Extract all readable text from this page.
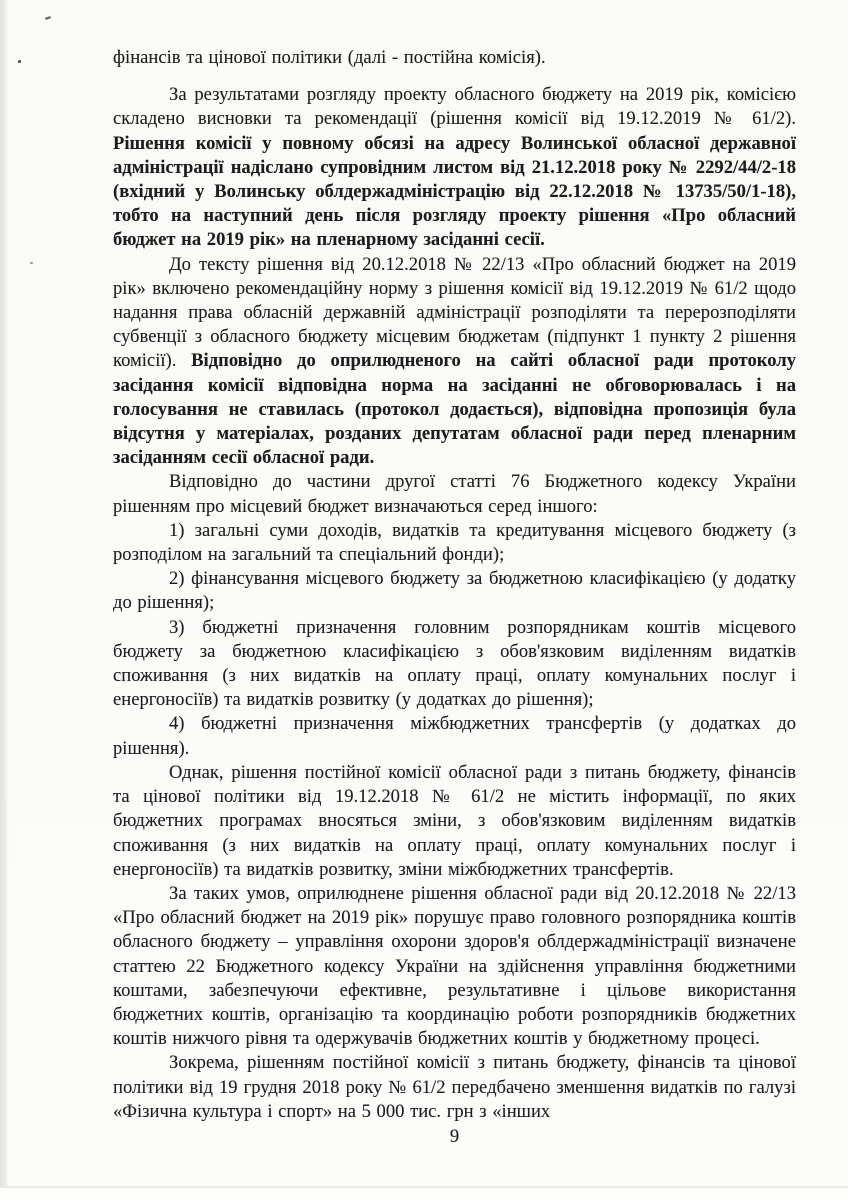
фінансів та цінової політики (далі - постійна комісія).

За результатами розгляду проекту обласного бюджету на 2019 рік, комісією складено висновки та рекомендації (рішення комісії від 19.12.2019 № 61/2). Рішення комісії у повному обсязі на адресу Волинської обласної державної адміністрації надіслано супровідним листом від 21.12.2018 року № 2292/44/2-18 (вхідний у Волинську облдержадміністрацію від 22.12.2018 № 13735/50/1-18), тобто на наступний день після розгляду проекту рішення «Про обласний бюджет на 2019 рік» на пленарному засіданні сесії.

До тексту рішення від 20.12.2018 № 22/13 «Про обласний бюджет на 2019 рік» включено рекомендаційну норму з рішення комісії від 19.12.2019 № 61/2 щодо надання права обласній державній адміністрації розподіляти та перерозподіляти субвенції з обласного бюджету місцевим бюджетам (підпункт 1 пункту 2 рішення комісії). Відповідно до оприлюдненого на сайті обласної ради протоколу засідання комісії відповідна норма на засіданні не обговорювалась і на голосування не ставилась (протокол додається), відповідна пропозиція була відсутня у матеріалах, розданих депутатам обласної ради перед пленарним засіданням сесії обласної ради.

Відповідно до частини другої статті 76 Бюджетного кодексу України рішенням про місцевий бюджет визначаються серед іншого:

1) загальні суми доходів, видатків та кредитування місцевого бюджету (з розподілом на загальний та спеціальний фонди);

2) фінансування місцевого бюджету за бюджетною класифікацією (у додатку до рішення);

3) бюджетні призначення головним розпорядникам коштів місцевого бюджету за бюджетною класифікацією з обов'язковим виділенням видатків споживання (з них видатків на оплату праці, оплату комунальних послуг і енергоносіїв) та видатків розвитку (у додатках до рішення);

4) бюджетні призначення міжбюджетних трансфертів (у додатках до рішення).

Однак, рішення постійної комісії обласної ради з питань бюджету, фінансів та цінової політики від 19.12.2018 № 61/2 не містить інформації, по яких бюджетних програмах вносяться зміни, з обов'язковим виділенням видатків споживання (з них видатків на оплату праці, оплату комунальних послуг і енергоносіїв) та видатків розвитку, зміни міжбюджетних трансфертів.

За таких умов, оприлюднене рішення обласної ради від 20.12.2018 № 22/13 «Про обласний бюджет на 2019 рік» порушує право головного розпорядника коштів обласного бюджету – управління охорони здоров'я облдержадміністрації визначене статтею 22 Бюджетного кодексу України на здійснення управління бюджетними коштами, забезпечуючи ефективне, результативне і цільове використання бюджетних коштів, організацію та координацію роботи розпорядників бюджетних коштів нижчого рівня та одержувачів бюджетних коштів у бюджетному процесі.

Зокрема, рішенням постійної комісії з питань бюджету, фінансів та цінової політики від 19 грудня 2018 року № 61/2 передбачено зменшення видатків по галузі «Фізична культура і спорт» на 5 000 тис. грн з «інших

9
